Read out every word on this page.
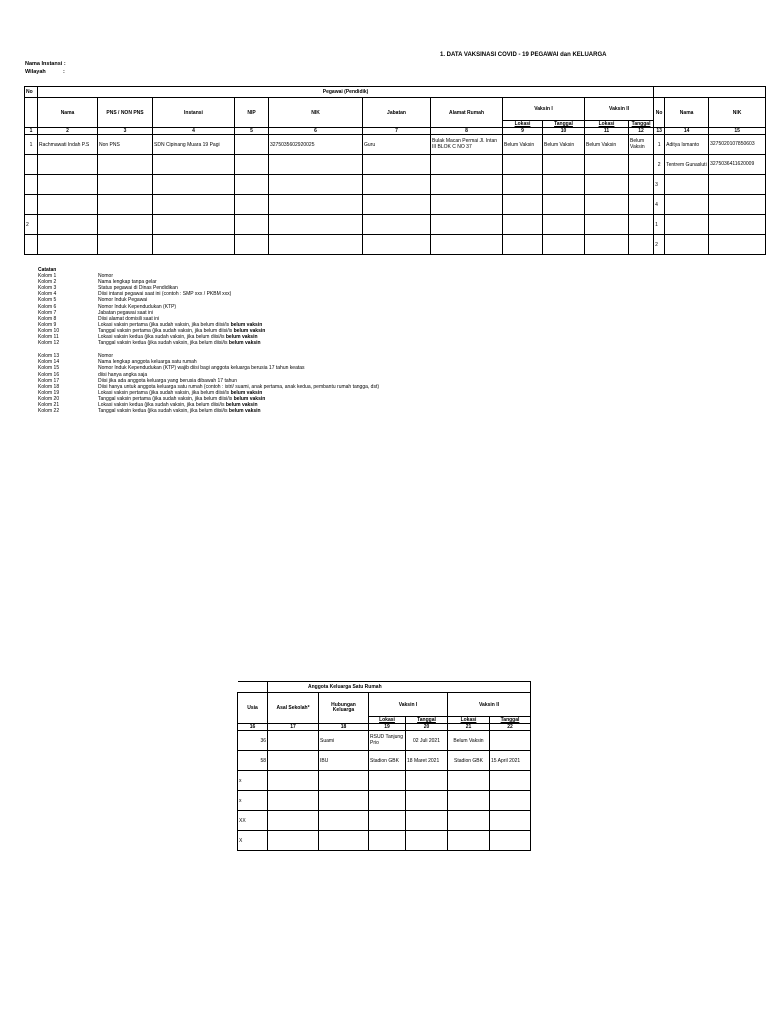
1. DATA VAKSINASI COVID - 19 PEGAWAI dan KELUARGA
Nama Instansi :
Wilayah	:
No	Pegawai (Pendidik)													
	Nama	PNS / NON PNS	Instansi	NIP	NIK	Jabatan	Alamat Rumah	Vaksin I		Vaksin II		No	Nama	NIK
								Lokasi	Tanggal	Lokasi	Tanggal			
1	2	3	4	5	6	7	8	9	10	11	12	13	14	15
1	Rachmawati Indah P.S	Non PNS	SDN Cipinang Muara 19 Pagi		3275035602920025	Guru	Bulak Macan Permai Jl. Intan III BLOK C NO 37	Belum Vaksin	Belum Vaksin	Belum Vaksin	Belum Vaksin	1	Aditya Ismanto	3275020107850603
												2	Tentrem Gunasluti	3275036411620009
												3		
												4		
2												1		
												2		
Catatan
Kolom 1	Nomor
Kolom 2	Nama lengkap tanpa gelar
Kolom 3	Status pegawai di Dinas Pendidikan
Kolom 4	Diisi intansi pegawai saat ini (contoh : SMP xxx / PKBM xxx)
Kolom 5	Nomor Induk Pegawai
Kolom 6	Nomor Induk Kependudukan (KTP)
Kolom 7	Jabatan pegawai saat ini
Kolom 8	Diisi alamat domisili saat ini
Kolom 9	Lokasi vaksin pertama (jika sudah vaksin, jika belum diisi/is belum vaksin
Kolom 10	Tanggal vaksin pertama (jika sudah vaksin, jika belum diisi/is belum vaksin
Kolom 11	Lokasi vaksin kedua (jika sudah vaksin, jika belum diisi/is belum vaksin
Kolom 12	Tanggal vaksin kedua (jika sudah vaksin, jika belum diisi/is belum vaksin
Kolom 13	Nomor
Kolom 14	Nama lengkap anggota keluarga satu rumah
Kolom 15	Nomor Induk Kependudukan (KTP) wajib diisi bagi anggota keluarga berusia 17 tahun keatas
Kolom 16	diisi hanya angka saja
Kolom 17	Diisi jika ada anggota keluarga yang berusia dibawah 17 tahun
Kolom 18	Diisi hanya untuk anggota keluarga satu rumah (contoh : istri/ suami, anak pertama, anak kedua, pembantu rumah tangga, dst)
Kolom 19	Lokasi vaksin pertama (jika sudah vaksin, jika belum diisi/is belum vaksin
Kolom 20	Tanggal vaksin pertama (jika sudah vaksin, jika belum diisi/is belum vaksin
Kolom 21	Lokasi vaksin kedua (jika sudah vaksin, jika belum diisi/is belum vaksin
Kolom 22	Tanggal vaksin kedua (jika sudah vaksin, jika belum diisi/is belum vaksin
	Anggota Keluarga Satu Rumah					
Usia	Asal Sekolah*	Hubungan Keluarga	Vaksin I		Vaksin II	
			Lokasi	Tanggal	Lokasi	Tanggal
16	17	18	19	20	21	22
36		Suami	RSUD Tanjung Prio	02 Juli 2021	Belum Vaksin	
58		IBU	Stadion GBK	18 Maret 2021	Stadion GBK	15 April 2021
x						
x						
XX						
X						
